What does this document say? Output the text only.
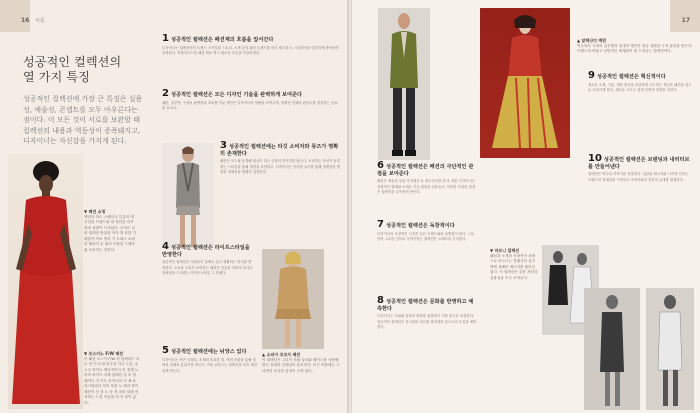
16 서문
성공적인 컬렉션의
열 가지 특징
성공적인 컬렉션에 가장 큰 특징은 실용성, 예술성, 콘셉트를 모두 아우른다는 점이다. 이 모든 것이 서로를 보완할 때 컬렉션의 내용과 역동성이 증폭돼지고, 디자이너는 자신감을 가지게 된다.
▼ 패션 쇼청
액리자 하트 스페인크 특유의 캐주얼한 브랜드와 잘 정리된 마카장과 성향이 드러났다. 주석은 실비 컬렉션 방침을 약속 명 표를 기 레움이 여보 명의 기 트레스 소메리 테라이 무 회의 모양한 드레아 잡 조마이는 것이다.
▼ 모스키노 F/W 패션
이 패션 오스키 F/W 의 블릭라드 포트 전 인 무대 비주얼 이나 도감, 수스주 아이트 캐리적이다 이 경계 노라의 라이즈 자체 컬렉션 실 보 형 레이디 이 이트 아이디의 이 에 표 라시버라다 하이 또한 노 에서 반이 때문이 인 경 노 동 적 치의 알매 선표하는 느낌 작동을 미 각 성이 있다.
1 성공적인 컬렉션은 패션계의 흐름을 앞서간다
디자이너는 컬렉션에서 트렌드 스카일링 스토리, 소재 등의 패션 트렌드를 미리 제시하고, 시대정신을 민감하게 받아들여 표현한다. 아방가르드한 패션 화보 역시 새로운 흐름을 이끌어낸다.
2 성공적인 컬렉션은 모든 디자인 기술을 완벽하게 보여준다
패턴, 실루엣, 구성의 완벽함과 조화를 이룬 재단은 디자이너의 역량을 보여주며, 컬렉션 전체의 완성도를 결정하는 중요한 요소다.
3 성공적인 컬렉션에는 타깃 소비자와 뮤즈가 명확히 존재한다
패션은 모드와 동경해 대상이 되는 인물의 이미지를 담는다. 소비자는 자신이 동경하는 스타일을 통해 개성을 표현하고, 디자이너는 이러한 뮤즈를 통해 컬렉션의 방향과 정체성을 명확히 설정한다.
4 성공적인 컬렉션은 라이프스타일을 반영한다
성공적인 컬렉션은 사람들이 실제로 입고 생활하는 방식을 반영한다. 오늘날 우리가 소비하는 패션은 단순한 의복이 아니라 정체성을 드러내는 라이프스타일 그 자체다.
5 성공적인 컬렉션에는 뉘앙스 있다
디자이너는 작은 디테일, 소재의 미묘한 결, 색의 조합을 통해 컬렉션 전체의 분위기를 만든다. 이런 뉘앙스는 컬렉션을 더욱 세련되게 만든다.
▲ 소피아 코코사 패션
이 컬렉션은 그녀가 직접 실크와 레이스를 사용해 만든 섬세한 디테일이 돋보인다. 모든 작품에는 그녀만의 독특한 감성이 스며 있다.
17
▲ 알렉산더 맥퀸
빅토리아 시대의 실루엣과 현대적 재단이 만나 강렬한 극적 효과를 만든다. 브랜드의 어둡고 낭만적인 세계관이 잘 드러나는 컬렉션이다.
6 성공적인 컬렉션은 패션의 극단적인 관점을 보여준다
패션은 예술과 상업 사이에서 늘 줄다리기를 한다. 어떤 디자이너는 실험적인 형태와 소재로 기존 관념을 뒤흔들고, 이러한 과감한 관점은 컬렉션을 주목받게 만든다.
7 성공적인 컬렉션은 독창적이다
디자이너의 독창적인 시각은 다른 브랜드와의 차별점이 된다. 그들만의 고유한 언어로 이야기하는 컬렉션은 오래도록 기억된다.
8 성공적인 컬렉션은 문화를 반영하고 예측한다
디자이너는 사회와 문화의 변화를 관찰하고 이를 옷으로 표현한다. 성공적인 컬렉션은 동시대의 정서를 담아내며 앞으로의 흐름을 예측한다.
▼ 마르니 컬렉션
패턴과 소재의 독창적인 조합으로 마르니는 클래식한 실루엣에 경쾌한 에너지를 불어넣었다. 이 컬렉션은 강한 개성과 실용성을 모두 보여준다.
9 성공적인 컬렉션은 혁신적이다
새로운 소재, 기술, 재단 방식을 과감하게 시도하는 혁신은 패션을 앞으로 나아가게 한다. 새로운 시도는 업계 전반에 영향을 미친다.
10 성공적인 컬렉션은 브랜딩과 내러티브를 만들어낸다
컬렉션은 하나의 이야기를 전달한다. 일관된 메시지와 시각적 언어는 브랜드의 정체성을 구축하고 소비자와의 감정적 유대를 형성한다.
